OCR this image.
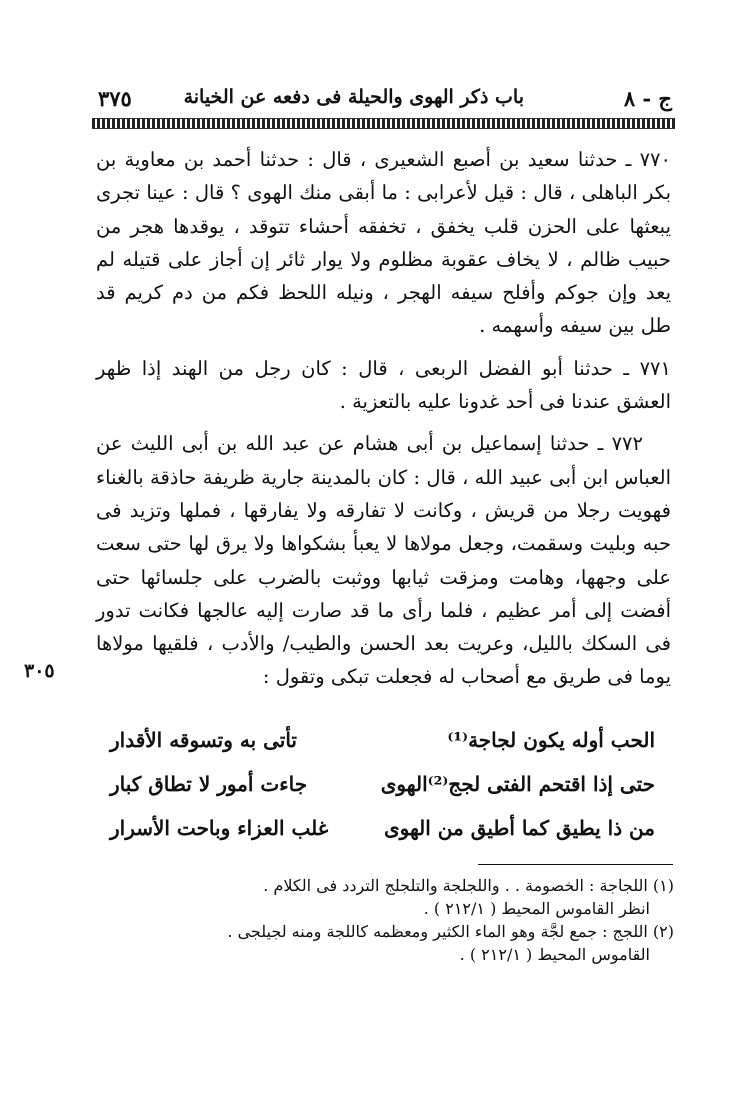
ج - ٨
باب ذكر الهوى والحيلة فى دفعه عن الخيانة
٣٧٥

٧٧٠ ـ حدثنا سعيد بن أصبع الشعيرى ، قال : حدثنا أحمد بن معاوية بن بكر الباهلى ، قال : قيل لأعرابى : ما أبقى منك الهوى ؟ قال : عينا تجرى يبعثها على الحزن قلب يخفق ، تخفقه أحشاء تتوقد ، يوقدها هجر من حبيب ظالم ، لا يخاف عقوبة مظلوم ولا يوار ثائر إن أجاز على قتيله لم يعد وإن جوكم وأفلح سيفه الهجر ، ونيله اللحظ فكم من دم كريم قد طل بين سيفه وأسهمه .

٧٧١ ـ حدثنا أبو الفضل الربعى ، قال : كان رجل من الهند إذا ظهر العشق عندنا فى أحد غدونا عليه بالتعزية .

٧٧٢ ـ حدثنا إسماعيل بن أبى هشام عن عبد الله بن أبى الليث عن العباس ابن أبى عبيد الله ، قال : كان بالمدينة جارية ظريفة حاذقة بالغناء فهويت رجلا من قريش ، وكانت لا تفارقه ولا يفارقها ، فملها وتزيد فى حبه وبليت وسقمت، وجعل مولاها لا يعبأ بشكواها ولا يرق لها حتى سعت على وجهها، وهامت ومزقت ثيابها ووثبت بالضرب على جلسائها حتى أفضت إلى أمر عظيم ، فلما رأى ما قد صارت إليه عالجها فكانت تدور فى السكك بالليل، وعريت بعد الحسن والطيب/ والأدب ، فلقيها مولاها يوما فى طريق مع أصحاب له فجعلت تبكى وتقول :

٣٠٥
الحب أوله يكون لجاجة⁽¹⁾
تأتى به وتسوقه الأقدار
حتى إذا اقتحم الفتى لجج⁽²⁾الهوى
جاءت أمور لا تطاق كبار
من ذا يطيق كما أطيق من الهوى
غلب العزاء وباحت الأسرار

(١) اللجاجة : الخصومة . . واللجلجة والتلجلج التردد فى الكلام .

انظر القاموس المحيط ( ٢١٢/١ ) .

(٢) اللجج : جمع لجَّة وهو الماء الكثير ومعظمه كاللجة ومنه لجيلجى .

القاموس المحيط ( ٢١٢/١ ) .
